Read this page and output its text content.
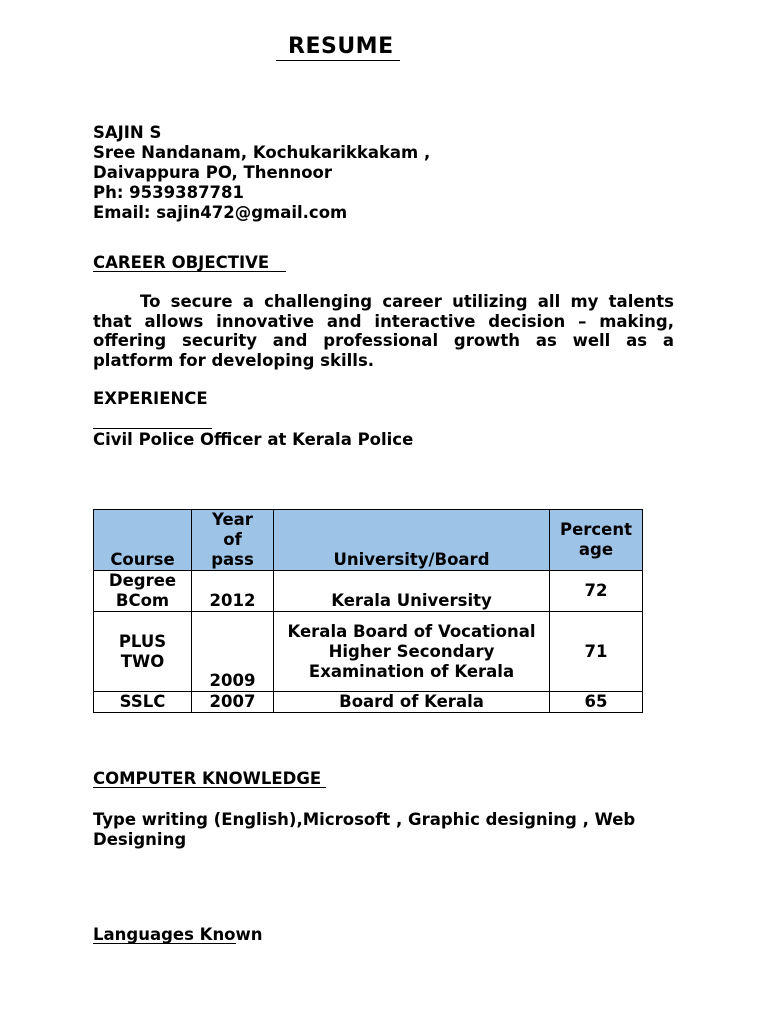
RESUME
SAJIN S
Sree Nandanam, Kochukarikkakam ,
Daivappura PO, Thennoor
Ph: 9539387781
Email: sajin472@gmail.com
CAREER OBJECTIVE
To secure a challenging career utilizing all my talents that allows innovative and interactive decision – making, offering security and professional growth as well as a platform for developing skills.
EXPERIENCE
Civil Police Officer at Kerala Police
Course	Year of pass	University/Board	Percentage
Degree BCom	2012	Kerala University	72
PLUS TWO	2009	Kerala Board of Vocational Higher Secondary Examination of Kerala	71
SSLC	2007	Board of Kerala	65
COMPUTER KNOWLEDGE
Type writing (English),Microsoft , Graphic designing , Web Designing
Languages Known
